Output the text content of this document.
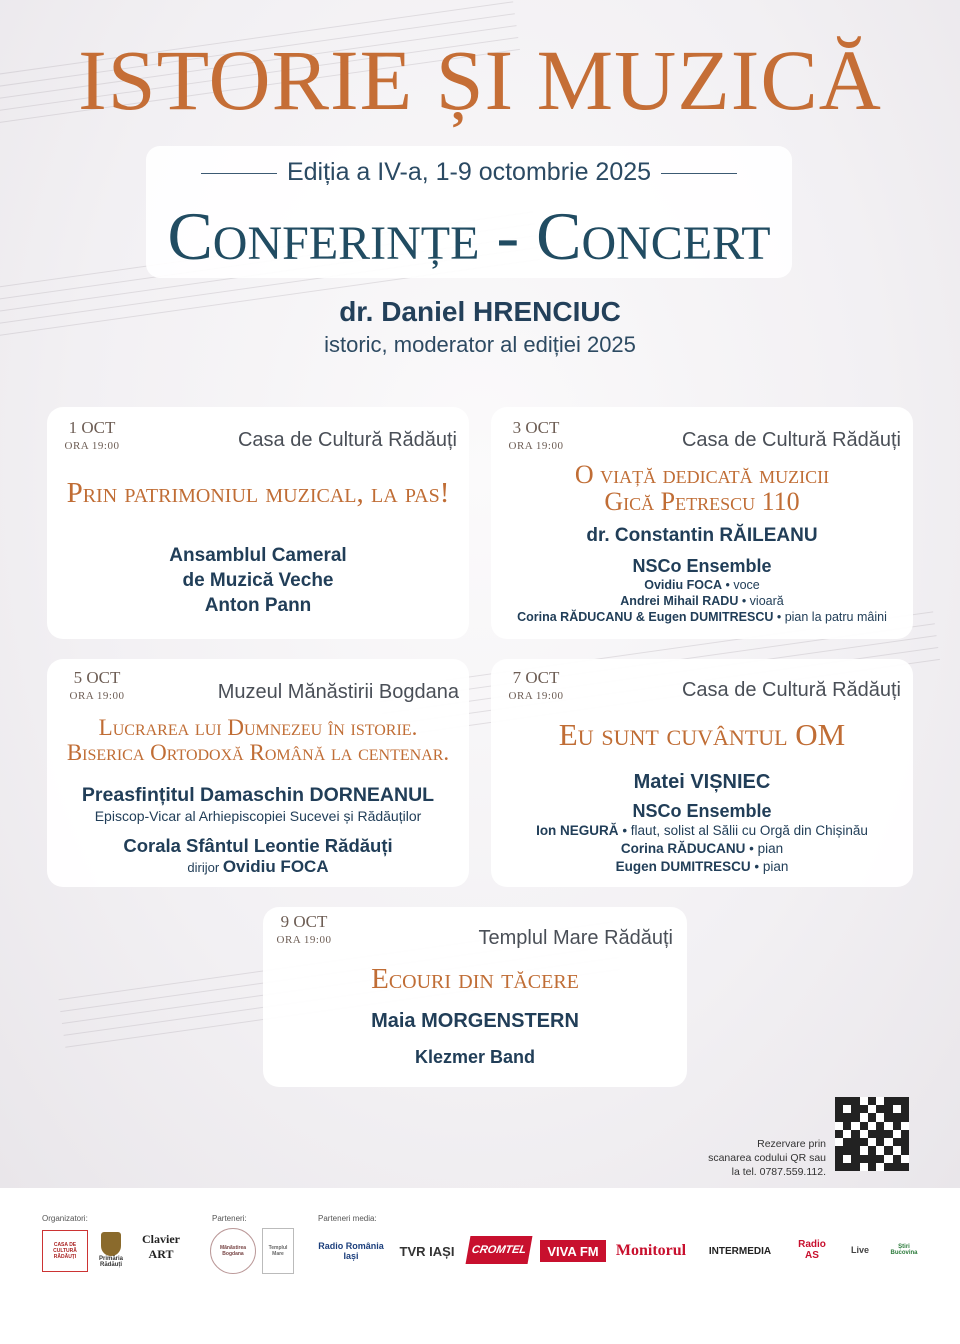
ISTORIE ȘI MUZICĂ
Ediția a IV-a, 1-9 octombrie 2025
Conferințe - Concert
dr. Daniel HRENCIUC
istoric, moderator al ediției 2025
1 OCT
ORA 19:00	Casa de Cultură Rădăuți
Prin patrimoniul muzical, la pas!
Ansamblul Cameral
de Muzică Veche
Anton Pann
3 OCT
ORA 19:00	Casa de Cultură Rădăuți
O viață dedicată muzicii
Gică Petrescu 110
dr. Constantin RĂILEANU
NSCo Ensemble
Ovidiu FOCA • voce
Andrei Mihail RADU • vioară
Corina RĂDUCANU & Eugen DUMITRESCU • pian la patru mâini
5 OCT
ORA 19:00	Muzeul Mănăstirii Bogdana
Lucrarea lui Dumnezeu în istorie.
Biserica Ortodoxă Română la centenar.
Preasfințitul Damaschin DORNEANUL
Episcop-Vicar al Arhiepiscopiei Sucevei și Rădăuților
Corala Sfântul Leontie Rădăuți
dirijor Ovidiu FOCA
7 OCT
ORA 19:00	Casa de Cultură Rădăuți
Eu sunt cuvântul OM
Matei VIȘNIEC
NSCo Ensemble
Ion NEGURĂ • flaut, solist al Sălii cu Orgă din Chișinău
Corina RĂDUCANU • pian
Eugen DUMITRESCU • pian
9 OCT
ORA 19:00	Templul Mare Rădăuți
Ecouri din tăcere
Maia MORGENSTERN
Klezmer Band
Rezervare prin
scanarea codului QR sau
la tel. 0787.559.112.
Organizatori:	Parteneri:	Parteneri media:
CASA DE CULTURĂ RĂDĂUȚI	Primăria Rădăuți
Clavier ART	Mănăstirea Bogdana
Templul Mare
Radio România Iași	TVR IAȘI	CROMTEL	VIVA FM	Monitorul	INTERMEDIA
Radio AS	Live	Știri Bucovina
